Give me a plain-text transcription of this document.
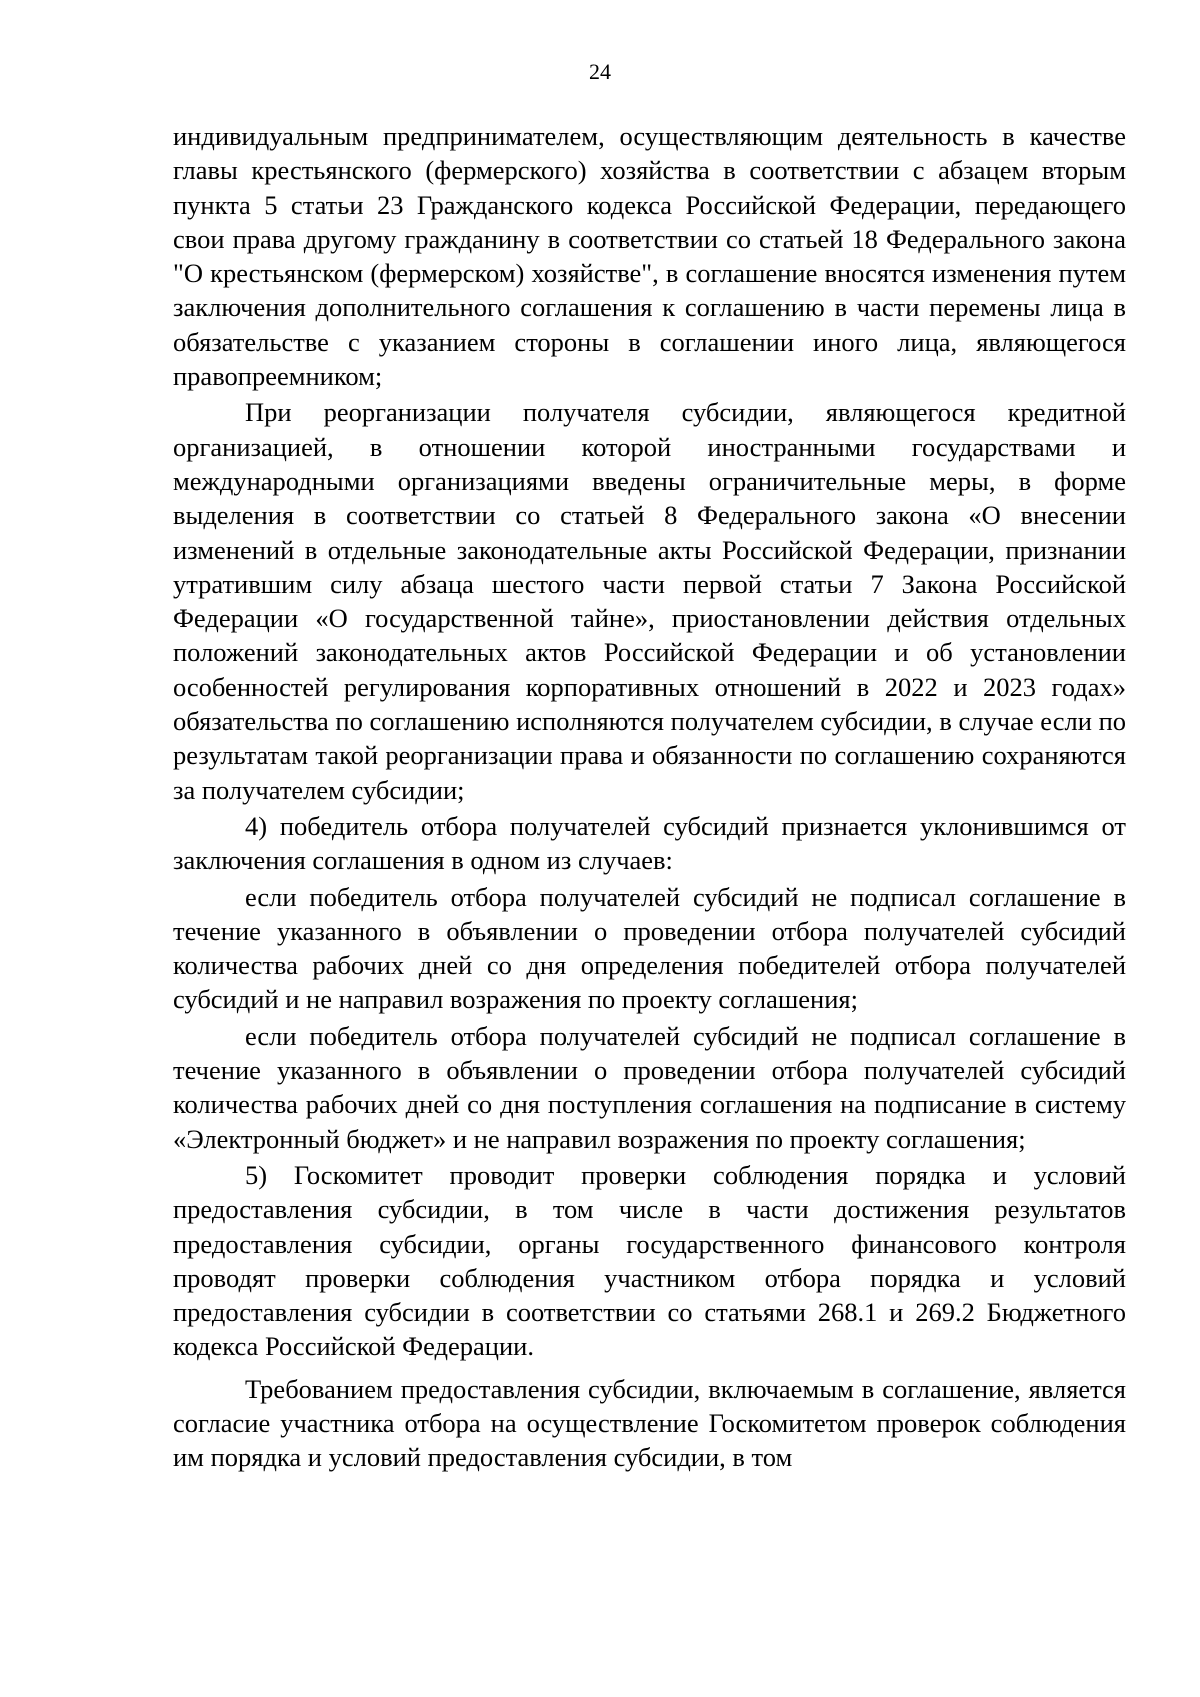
24

индивидуальным предпринимателем, осуществляющим деятельность в качестве главы крестьянского (фермерского) хозяйства в соответствии с абзацем вторым пункта 5 статьи 23 Гражданского кодекса Российской Федерации, передающего свои права другому гражданину в соответствии со статьей 18 Федерального закона "О крестьянском (фермерском) хозяйстве", в соглашение вносятся изменения путем заключения дополнительного соглашения к соглашению в части перемены лица в обязательстве с указанием стороны в соглашении иного лица, являющегося правопреемником;

При реорганизации получателя субсидии, являющегося кредитной организацией, в отношении которой иностранными государствами и международными организациями введены ограничительные меры, в форме выделения в соответствии со статьей 8 Федерального закона «О внесении изменений в отдельные законодательные акты Российской Федерации, признании утратившим силу абзаца шестого части первой статьи 7 Закона Российской Федерации «О государственной тайне», приостановлении действия отдельных положений законодательных актов Российской Федерации и об установлении особенностей регулирования корпоративных отношений в 2022 и 2023 годах» обязательства по соглашению исполняются получателем субсидии, в случае если по результатам такой реорганизации права и обязанности по соглашению сохраняются за получателем субсидии;

4) победитель отбора получателей субсидий признается уклонившимся от заключения соглашения в одном из случаев:

если победитель отбора получателей субсидий не подписал соглашение в течение указанного в объявлении о проведении отбора получателей субсидий количества рабочих дней со дня определения победителей отбора получателей субсидий и не направил возражения по проекту соглашения;

если победитель отбора получателей субсидий не подписал соглашение в течение указанного в объявлении о проведении отбора получателей субсидий количества рабочих дней со дня поступления соглашения на подписание в систему «Электронный бюджет» и не направил возражения по проекту соглашения;

5) Госкомитет проводит проверки соблюдения порядка и условий предоставления субсидии, в том числе в части достижения результатов предоставления субсидии, органы государственного финансового контроля проводят проверки соблюдения участником отбора порядка и условий предоставления субсидии в соответствии со статьями 268.1 и 269.2 Бюджетного кодекса Российской Федерации.

Требованием предоставления субсидии, включаемым в соглашение, является согласие участника отбора на осуществление Госкомитетом проверок соблюдения им порядка и условий предоставления субсидии, в том
